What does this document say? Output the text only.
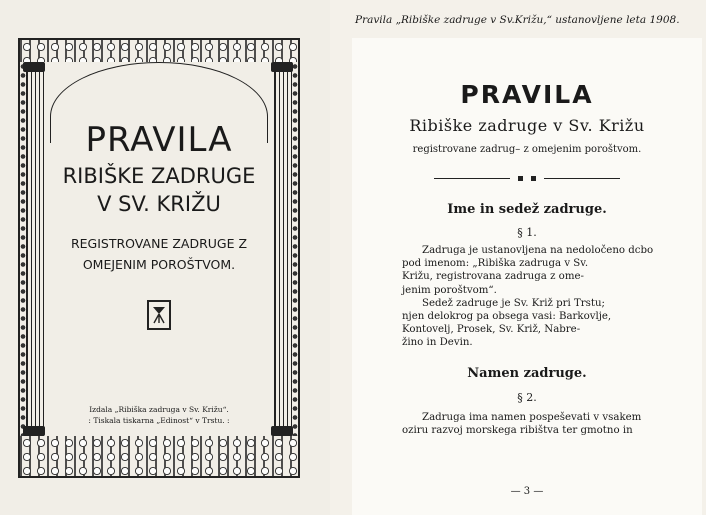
Pravila „Ribiške zadruge v Sv.Križu,“ ustanovljene leta 1908.
PRAVILA

RIBIŠKE ZADRUGE

V SV. KRIŽU

REGISTROVANE ZADRUGE Z

OMEJENIM POROŠTVOM.

Izdala „Ribiška zadruga v Sv. Križu“.
: Tiskala tiskarna „Edinost“ v Trstu. :
PRAVILA
Ribiške zadruge v Sv. Križu
registrovane zadrug– z omejenim poroštvom.
Ime in sedež zadruge.
§ 1.
Zadruga je ustanovljena na nedoločeno dcbo
pod imenom: „Ribiška zadruga v Sv.
Križu, registrovana zadruga z ome-
jenim poroštvom“.
Sedež zadruge je Sv. Križ pri Trstu;
njen delokrog pa obsega vasi: Barkovlje,
Kontovelj, Prosek, Sv. Križ, Nabre-
žino in Devin.
Namen zadruge.
§ 2.
Zadruga ima namen pospeševati v vsakem
oziru razvoj morskega ribištva ter gmotno in
— 3 —
